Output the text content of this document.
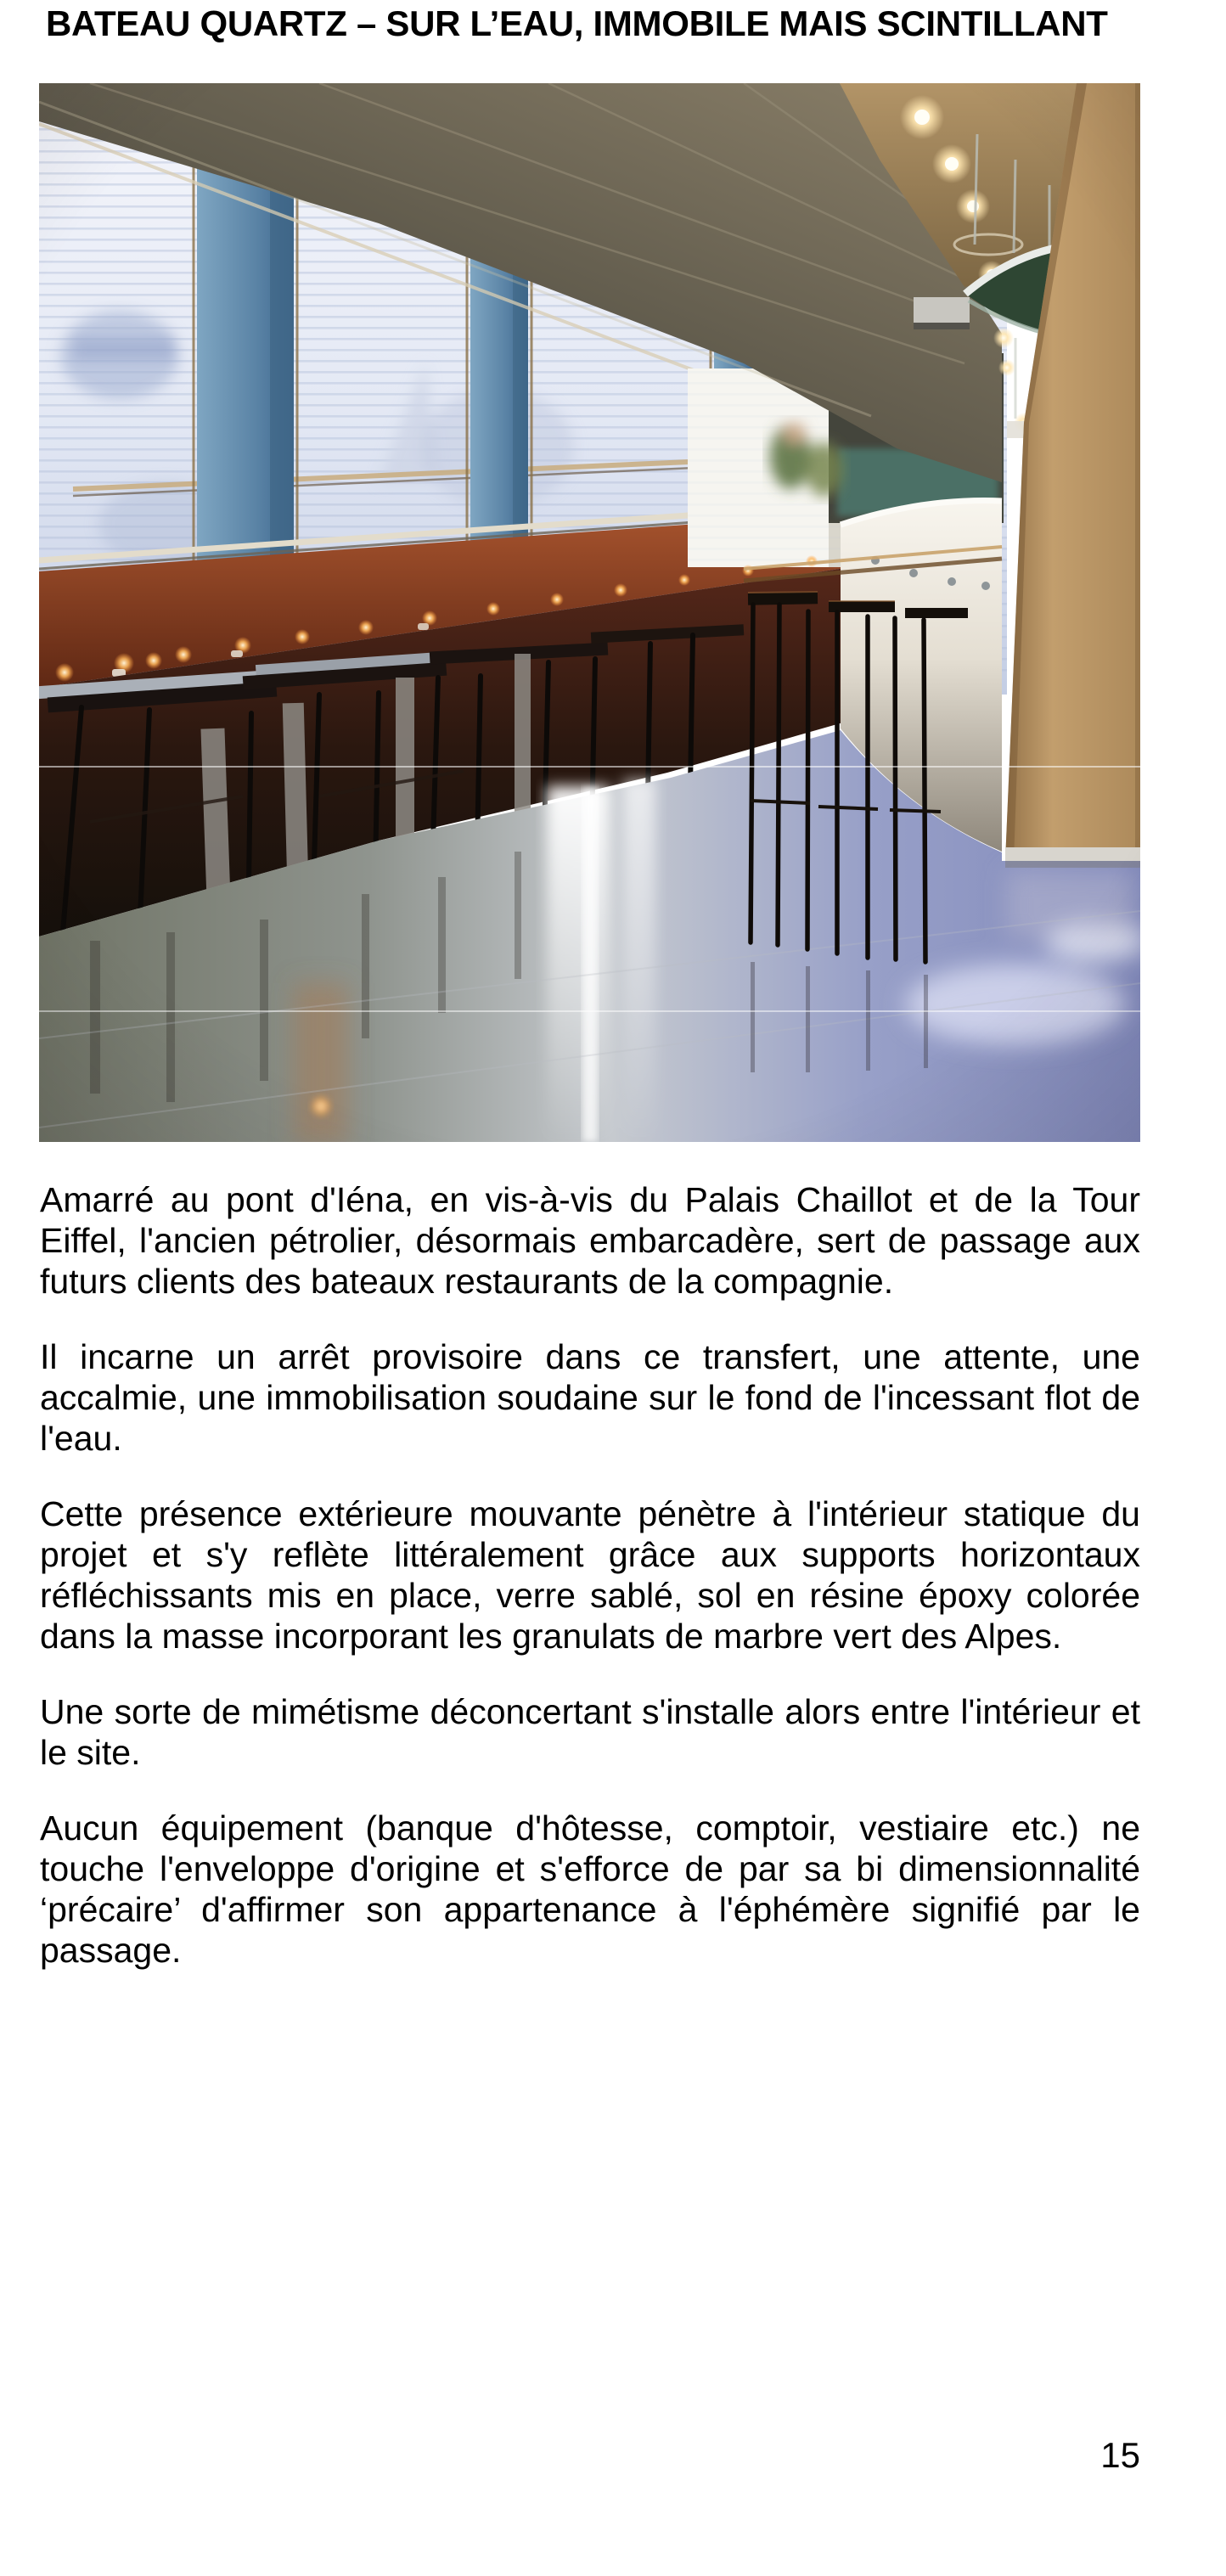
BATEAU QUARTZ – SUR L’EAU, IMMOBILE MAIS SCINTILLANT

Amarré au pont d'Iéna, en vis-à-vis du Palais Chaillot et de la Tour Eiffel, l'ancien pétrolier, désormais embarcadère, sert de passage aux futurs clients des bateaux restaurants de la compagnie.

Il incarne un arrêt provisoire dans ce transfert, une attente, une accalmie, une immobilisation soudaine sur le fond de l'incessant flot de l'eau.

Cette présence extérieure mouvante pénètre à l'intérieur statique du projet et s'y reflète littéralement grâce aux supports horizontaux réfléchissants mis en place, verre sablé, sol en résine époxy colorée dans la masse incorporant les granulats de marbre vert des Alpes.

Une sorte de mimétisme déconcertant s'installe alors entre l'intérieur et le site.

Aucun équipement (banque d'hôtesse, comptoir, vestiaire etc.) ne touche l'enveloppe d'origine et s'efforce de par sa bi dimensionnalité ‘précaire’ d'affirmer son appartenance à l'éphémère signifié par le passage.

15
